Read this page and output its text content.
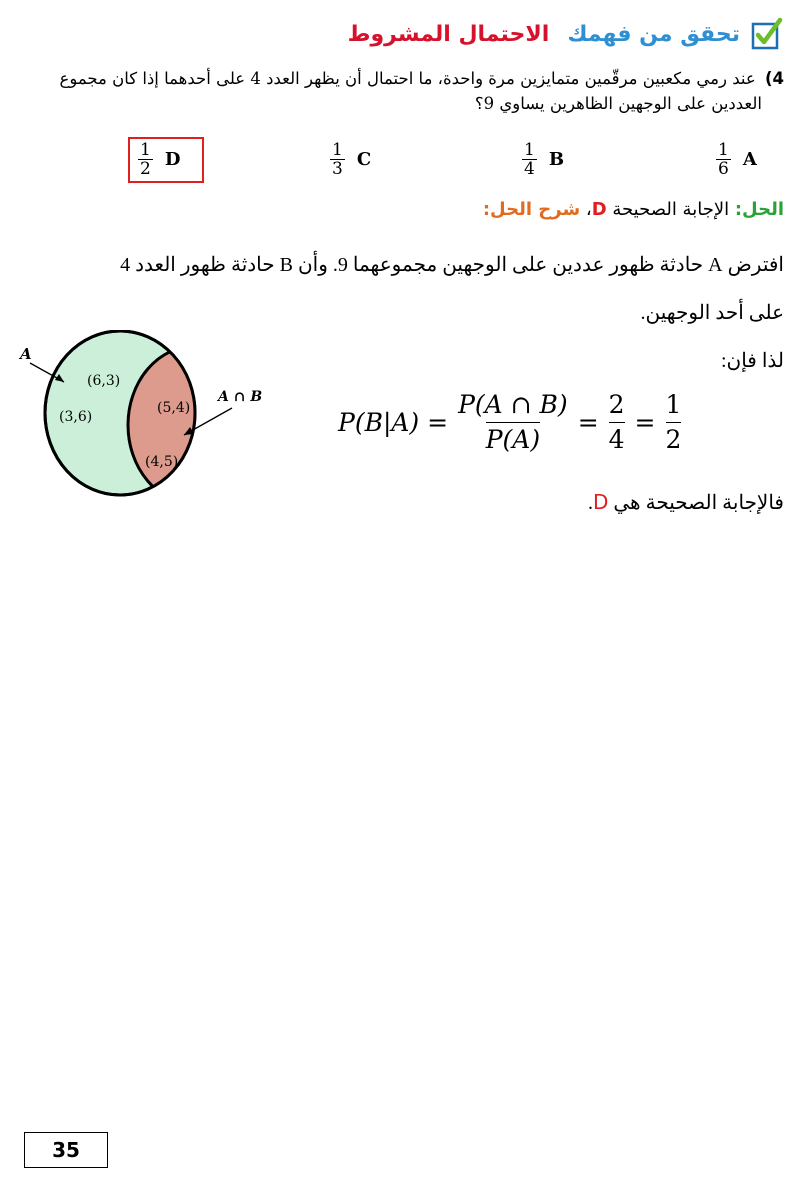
تحقق من فهمك
الاحتمال المشروط
4) عند رمي مكعبين مرقّمين متمايزين مرة واحدة، ما احتمال أن يظهر العدد 4 على أحدهما إذا كان مجموع
العددين على الوجهين الظاهرين يساوي 9؟
$\frac{1}{2}$ D	$\frac{1}{3}$ C	$\frac{1}{4}$ B	$\frac{1}{6}$ A
الحل: الإجابة الصحيحة D، شرح الحل:
افترض A حادثة ظهور عددين على الوجهين مجموعهما 9. وأن B حادثة ظهور العدد 4
على أحد الوجهين.
لذا فإن:
$P(B|A) = \frac{P(A \cap B)}{P(A)} = \frac{2}{4} = \frac{1}{2}$
فالإجابة الصحيحة هي D.
A
A ∩ B
(6,3)
(3,6)
(5,4)
(4,5)
35
